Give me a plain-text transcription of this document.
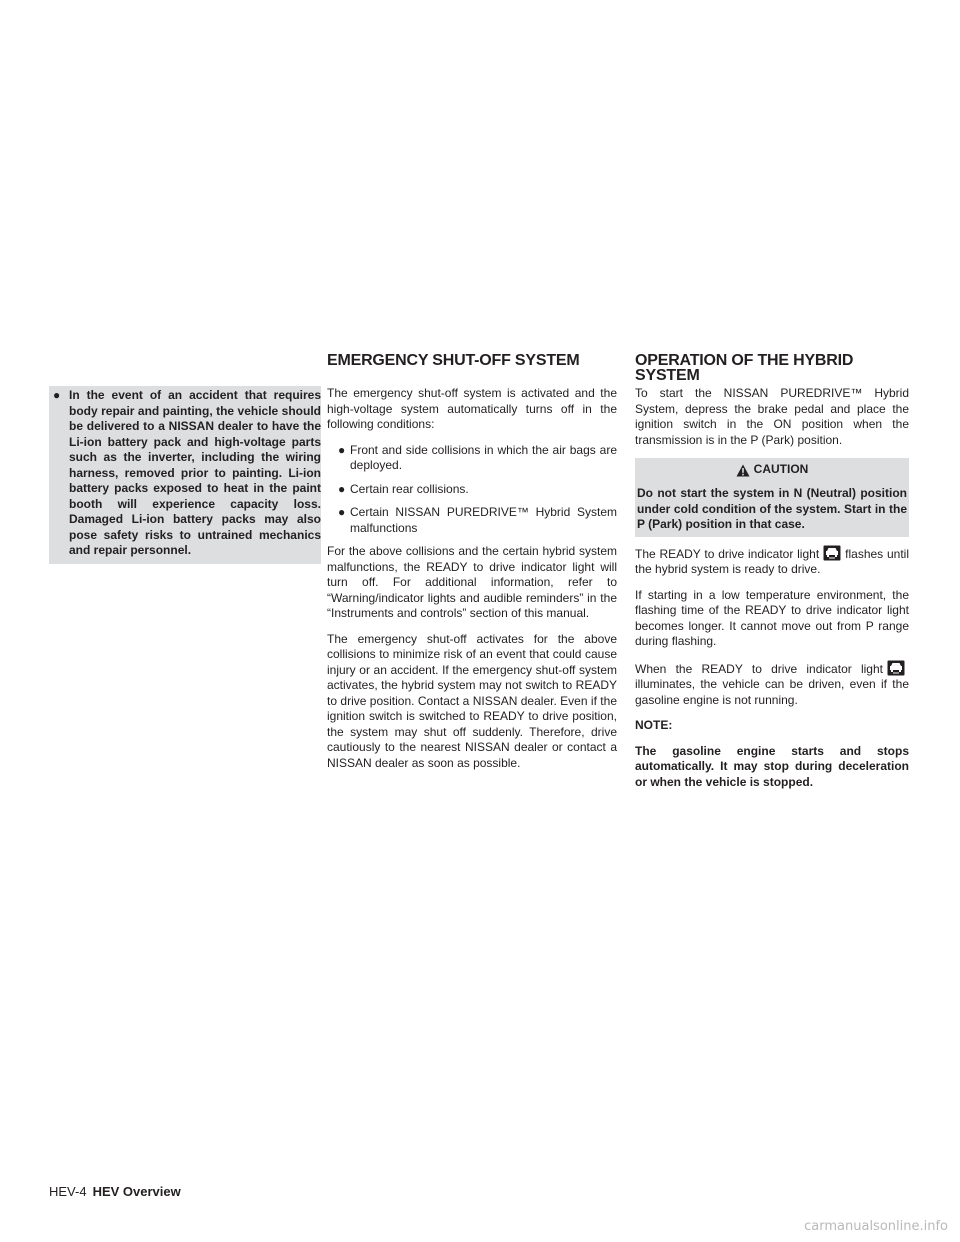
● In the event of an accident that requires body repair and painting, the vehicle should be delivered to a NISSAN dealer to have the Li-ion battery pack and high-voltage parts such as the inverter, including the wiring harness, removed prior to painting. Li-ion battery packs exposed to heat in the paint booth will experience capacity loss. Damaged Li-ion battery packs may also pose safety risks to untrained mechanics and repair personnel.
EMERGENCY SHUT-OFF SYSTEM

The emergency shut-off system is activated and the high-voltage system automatically turns off in the following conditions:

● Front and side collisions in which the air bags are deployed.
● Certain rear collisions.
● Certain NISSAN PUREDRIVE™ Hybrid System malfunctions

For the above collisions and the certain hybrid system malfunctions, the READY to drive indicator light will turn off. For additional information, refer to “Warning/indicator lights and audible reminders” in the “Instruments and controls” section of this manual.

The emergency shut-off activates for the above collisions to minimize risk of an event that could cause injury or an accident. If the emergency shut-off system activates, the hybrid system may not switch to READY to drive position. Contact a NISSAN dealer. Even if the ignition switch is switched to READY to drive position, the system may shut off suddenly. Therefore, drive cautiously to the nearest NISSAN dealer or contact a NISSAN dealer as soon as possible.

OPERATION OF THE HYBRID SYSTEM

To start the NISSAN PUREDRIVE™ Hybrid System, depress the brake pedal and place the ignition switch in the ON position when the transmission is in the P (Park) position.

CAUTION
Do not start the system in N (Neutral) position under cold condition of the system. Start in the P (Park) position in that case.

The READY to drive indicator light flashes until the hybrid system is ready to drive.

If starting in a low temperature environment, the flashing time of the READY to drive indicator light becomes longer. It cannot move out from P range during flashing.

When the READY to drive indicator lightilluminates, the vehicle can be driven, even if the gasoline engine is not running.

NOTE:

The gasoline engine starts and stops automatically. It may stop during deceleration or when the vehicle is stopped.

HEV-4 HEV Overview
carmanualsonline.info
